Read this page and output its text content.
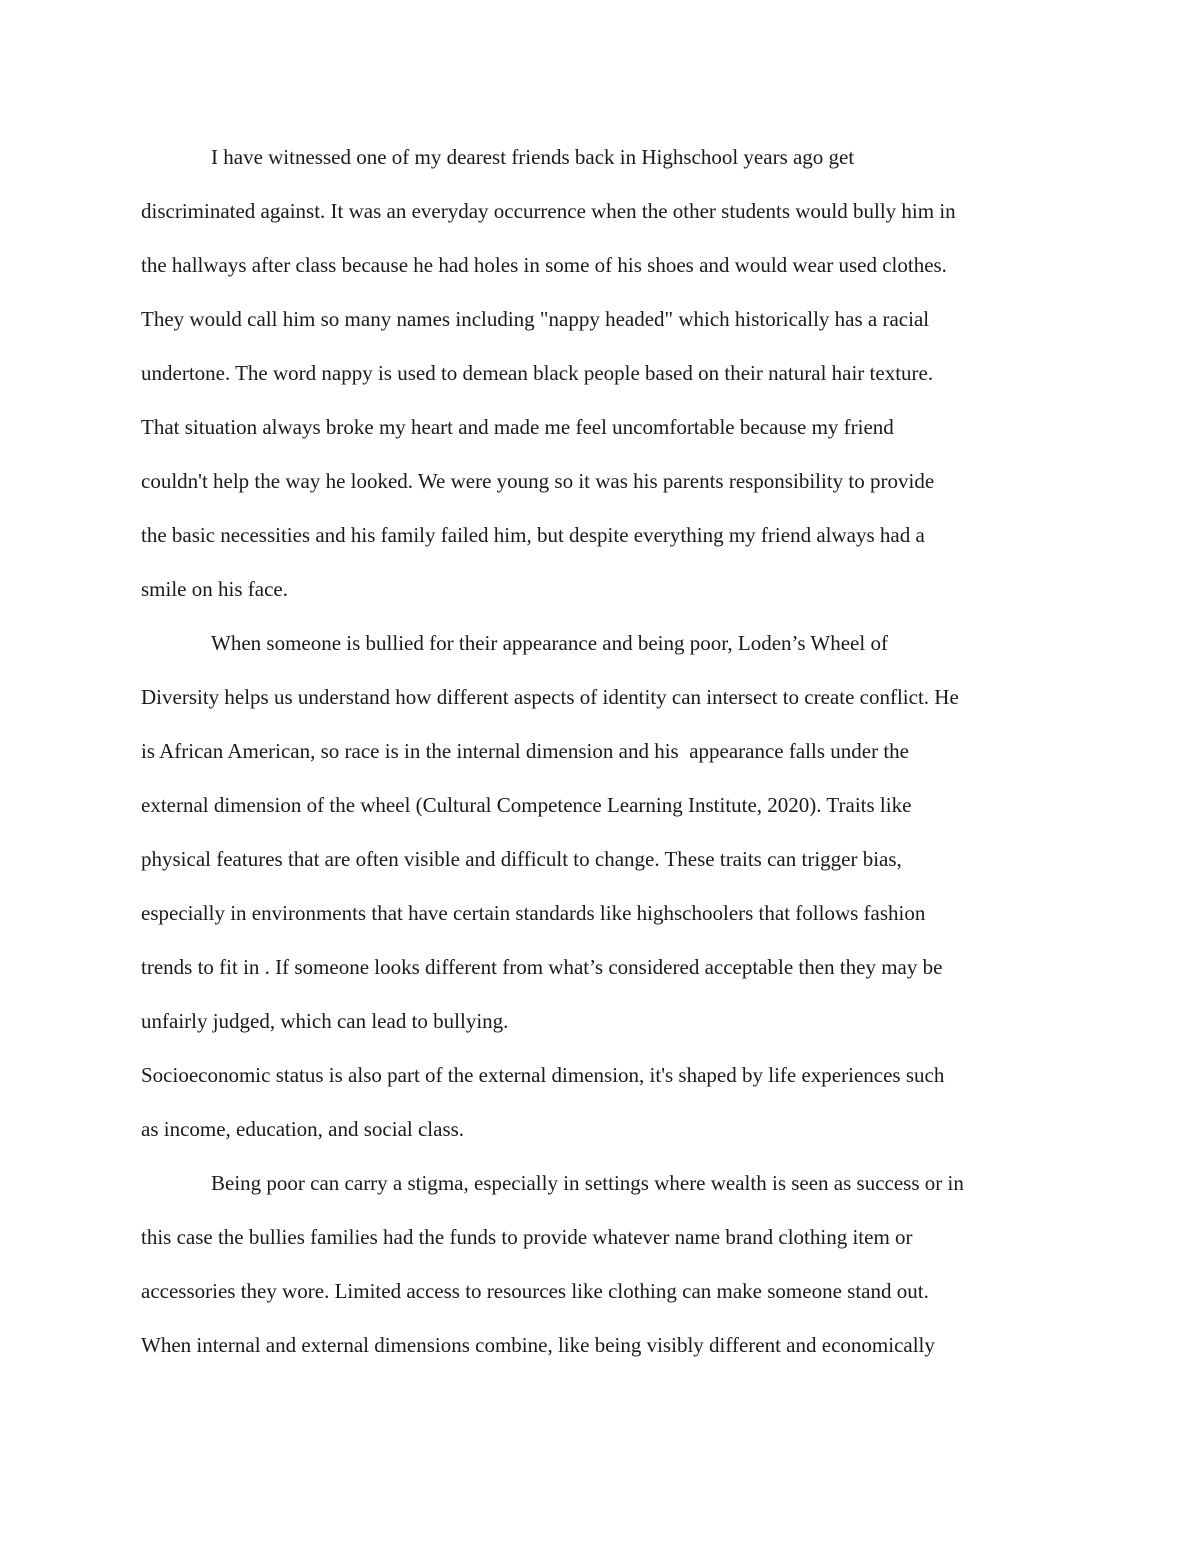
I have witnessed one of my dearest friends back in Highschool years ago get
discriminated against. It was an everyday occurrence when the other students would bully him in
the hallways after class because he had holes in some of his shoes and would wear used clothes.
They would call him so many names including "nappy headed" which historically has a racial
undertone. The word nappy is used to demean black people based on their natural hair texture.
That situation always broke my heart and made me feel uncomfortable because my friend
couldn't help the way he looked. We were young so it was his parents responsibility to provide
the basic necessities and his family failed him, but despite everything my friend always had a
smile on his face.
When someone is bullied for their appearance and being poor, Loden’s Wheel of
Diversity helps us understand how different aspects of identity can intersect to create conflict. He
is African American, so race is in the internal dimension and his  appearance falls under the
external dimension of the wheel (Cultural Competence Learning Institute, 2020). Traits like
physical features that are often visible and difficult to change. These traits can trigger bias,
especially in environments that have certain standards like highschoolers that follows fashion
trends to fit in . If someone looks different from what’s considered acceptable then they may be
unfairly judged, which can lead to bullying.
Socioeconomic status is also part of the external dimension, it's shaped by life experiences such
as income, education, and social class.
Being poor can carry a stigma, especially in settings where wealth is seen as success or in
this case the bullies families had the funds to provide whatever name brand clothing item or
accessories they wore. Limited access to resources like clothing can make someone stand out.
When internal and external dimensions combine, like being visibly different and economically
